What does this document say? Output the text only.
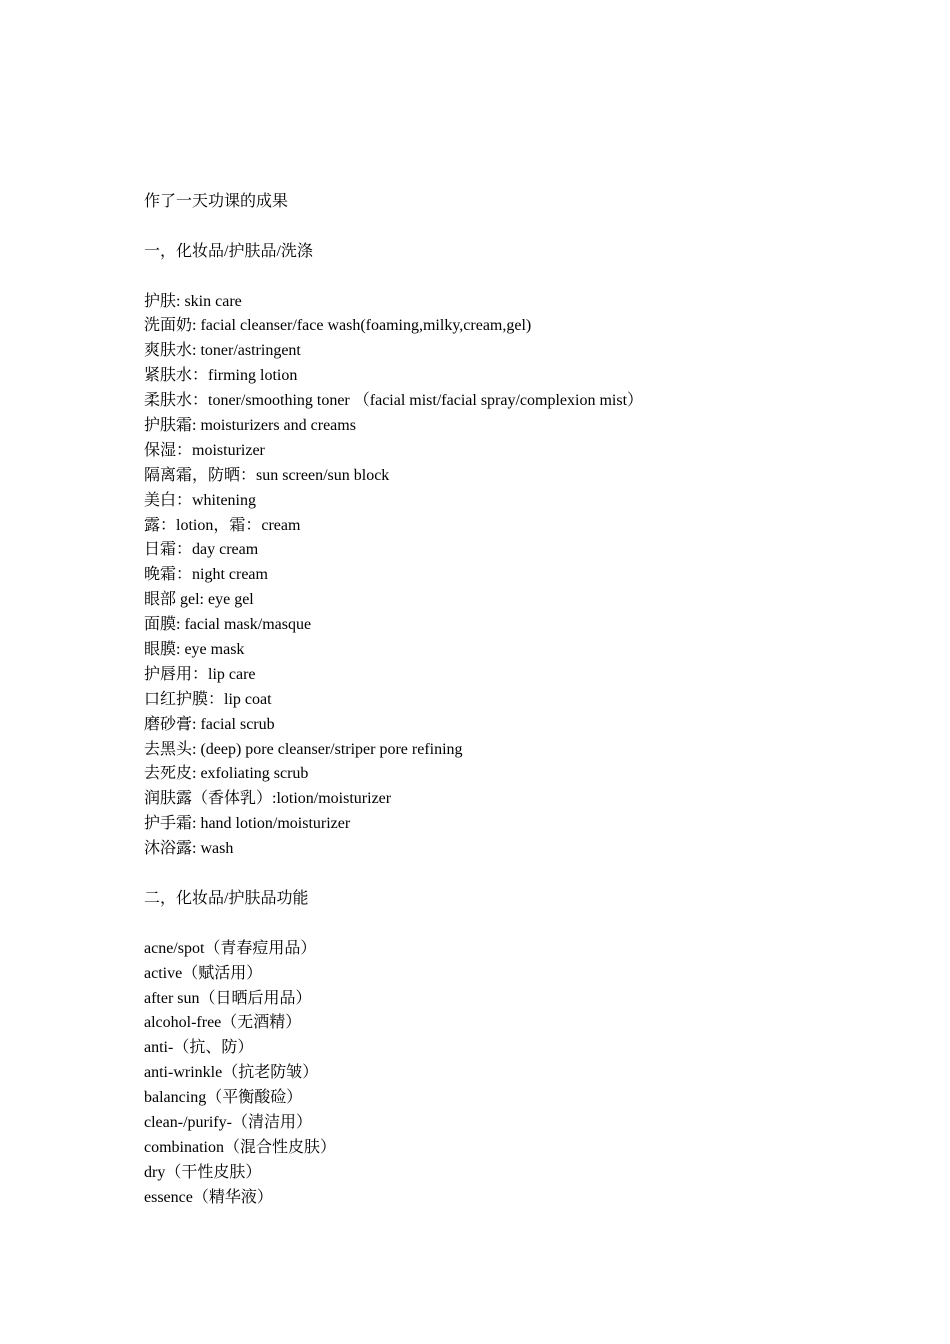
作了一天功课的成果
一，化妆品/护肤品/洗涤
护肤: skin care
洗面奶: facial cleanser/face wash(foaming,milky,cream,gel)
爽肤水: toner/astringent
紧肤水：firming lotion
柔肤水：toner/smoothing toner （facial mist/facial spray/complexion mist）
护肤霜: moisturizers and creams
保湿：moisturizer
隔离霜，防晒：sun screen/sun block
美白：whitening
露：lotion，霜：cream
日霜：day cream
晚霜：night cream
眼部 gel: eye gel
面膜: facial mask/masque
眼膜: eye mask
护唇用：lip care
口红护膜：lip coat
磨砂膏: facial scrub
去黑头: (deep) pore cleanser/striper pore refining
去死皮: exfoliating scrub
润肤露（香体乳）:lotion/moisturizer
护手霜: hand lotion/moisturizer
沐浴露: wash
二，化妆品/护肤品功能
acne/spot（青春痘用品）
active（赋活用）
after sun（日晒后用品）
alcohol-free（无酒精）
anti-（抗、防）
anti-wrinkle（抗老防皱）
balancing（平衡酸硷）
clean-/purify-（清洁用）
combination（混合性皮肤）
dry（干性皮肤）
essence（精华液）
